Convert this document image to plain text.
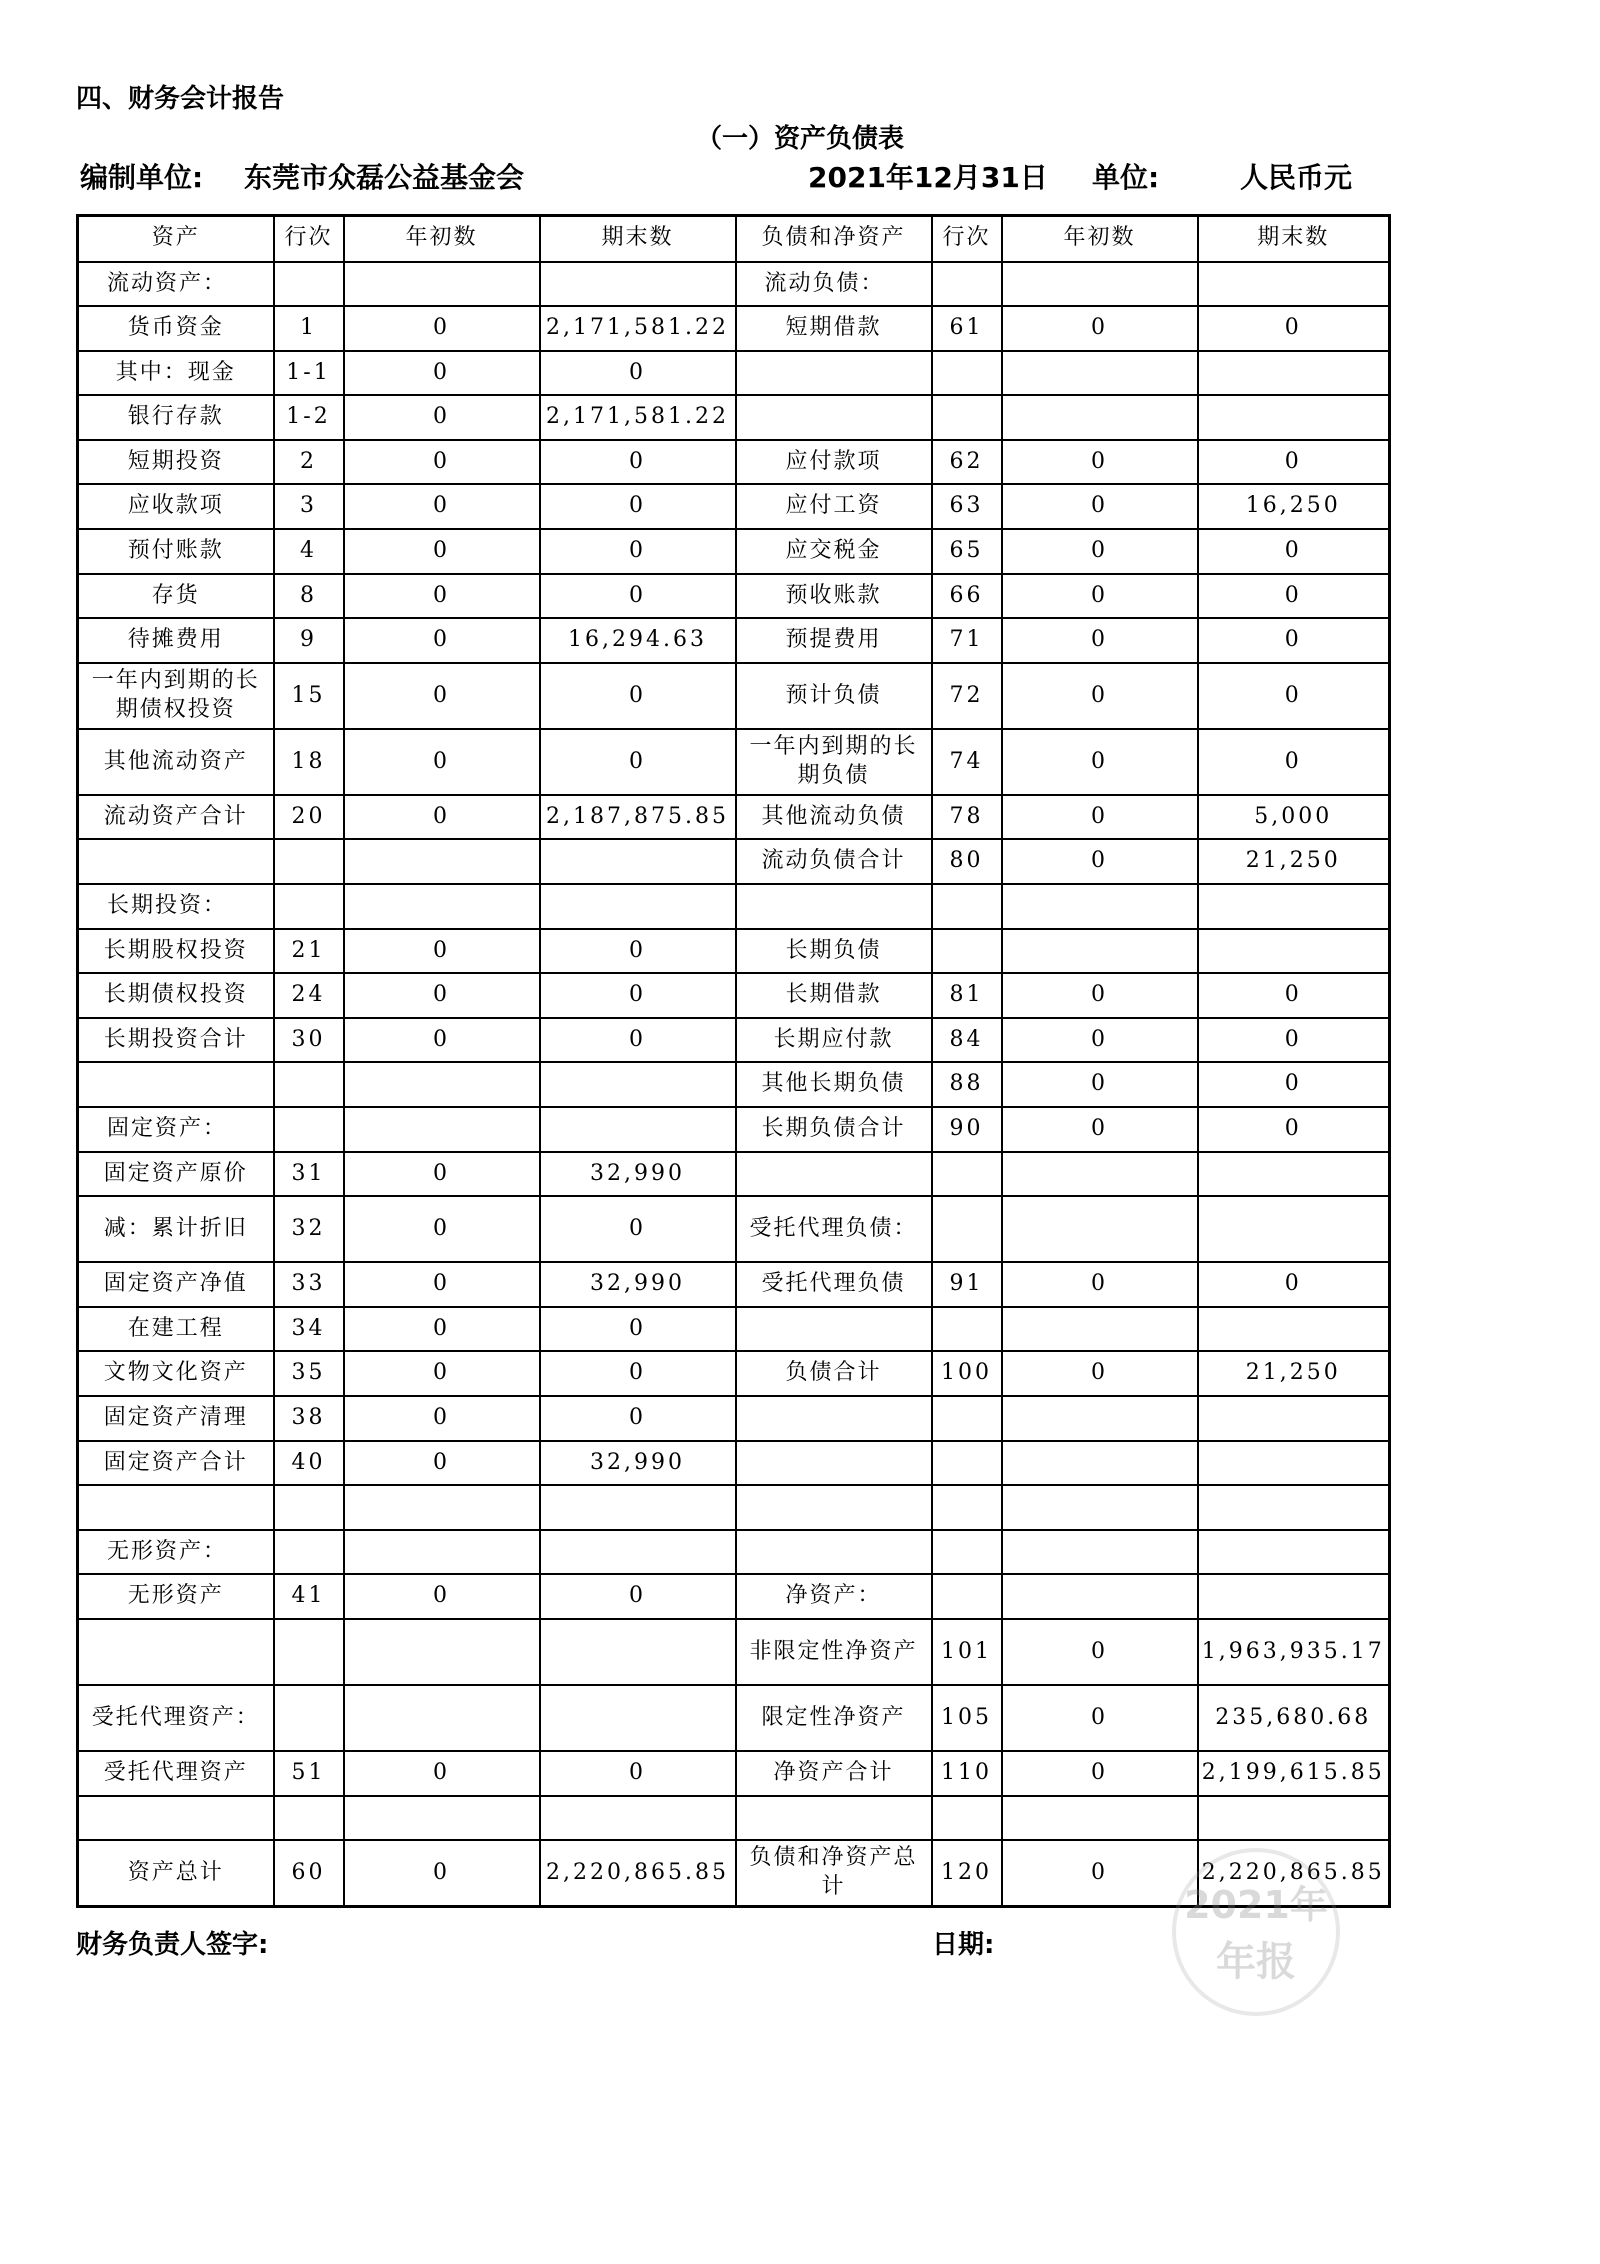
四、财务会计报告
（一）资产负债表
编制单位: 东莞市众磊公益基金会	2021年12月31日 单位:	人民币元
资产	行次	年初数	期末数	负债和净资产	行次	年初数	期末数
流动资产：				流动负债：			
货币资金	1	0	2,171,581.22	短期借款	61	0	0
其中：现金	1-1	0	0				
银行存款	1-2	0	2,171,581.22				
短期投资	2	0	0	应付款项	62	0	0
应收款项	3	0	0	应付工资	63	0	16,250
预付账款	4	0	0	应交税金	65	0	0
存货	8	0	0	预收账款	66	0	0
待摊费用	9	0	16,294.63	预提费用	71	0	0
一年内到期的长期债权投资	15	0	0	预计负债	72	0	0
其他流动资产	18	0	0	一年内到期的长期负债	74	0	0
流动资产合计	20	0	2,187,875.85	其他流动负债	78	0	5,000
				流动负债合计	80	0	21,250
长期投资：							
长期股权投资	21	0	0	长期负债			
长期债权投资	24	0	0	长期借款	81	0	0
长期投资合计	30	0	0	长期应付款	84	0	0
				其他长期负债	88	0	0
固定资产：				长期负债合计	90	0	0
固定资产原价	31	0	32,990				
减：累计折旧	32	0	0	受托代理负债：			
固定资产净值	33	0	32,990	受托代理负债	91	0	0
在建工程	34	0	0				
文物文化资产	35	0	0	负债合计	100	0	21,250
固定资产清理	38	0	0				
固定资产合计	40	0	32,990				

无形资产：							
无形资产	41	0	0	净资产：			
				非限定性净资产	101	0	1,963,935.17
受托代理资产：				限定性净资产	105	0	235,680.68
受托代理资产	51	0	0	净资产合计	110	0	2,199,615.85

资产总计	60	0	2,220,865.85	负债和净资产总计	120	0	2,220,865.85
财务负责人签字:	日期:
2021年
年报
